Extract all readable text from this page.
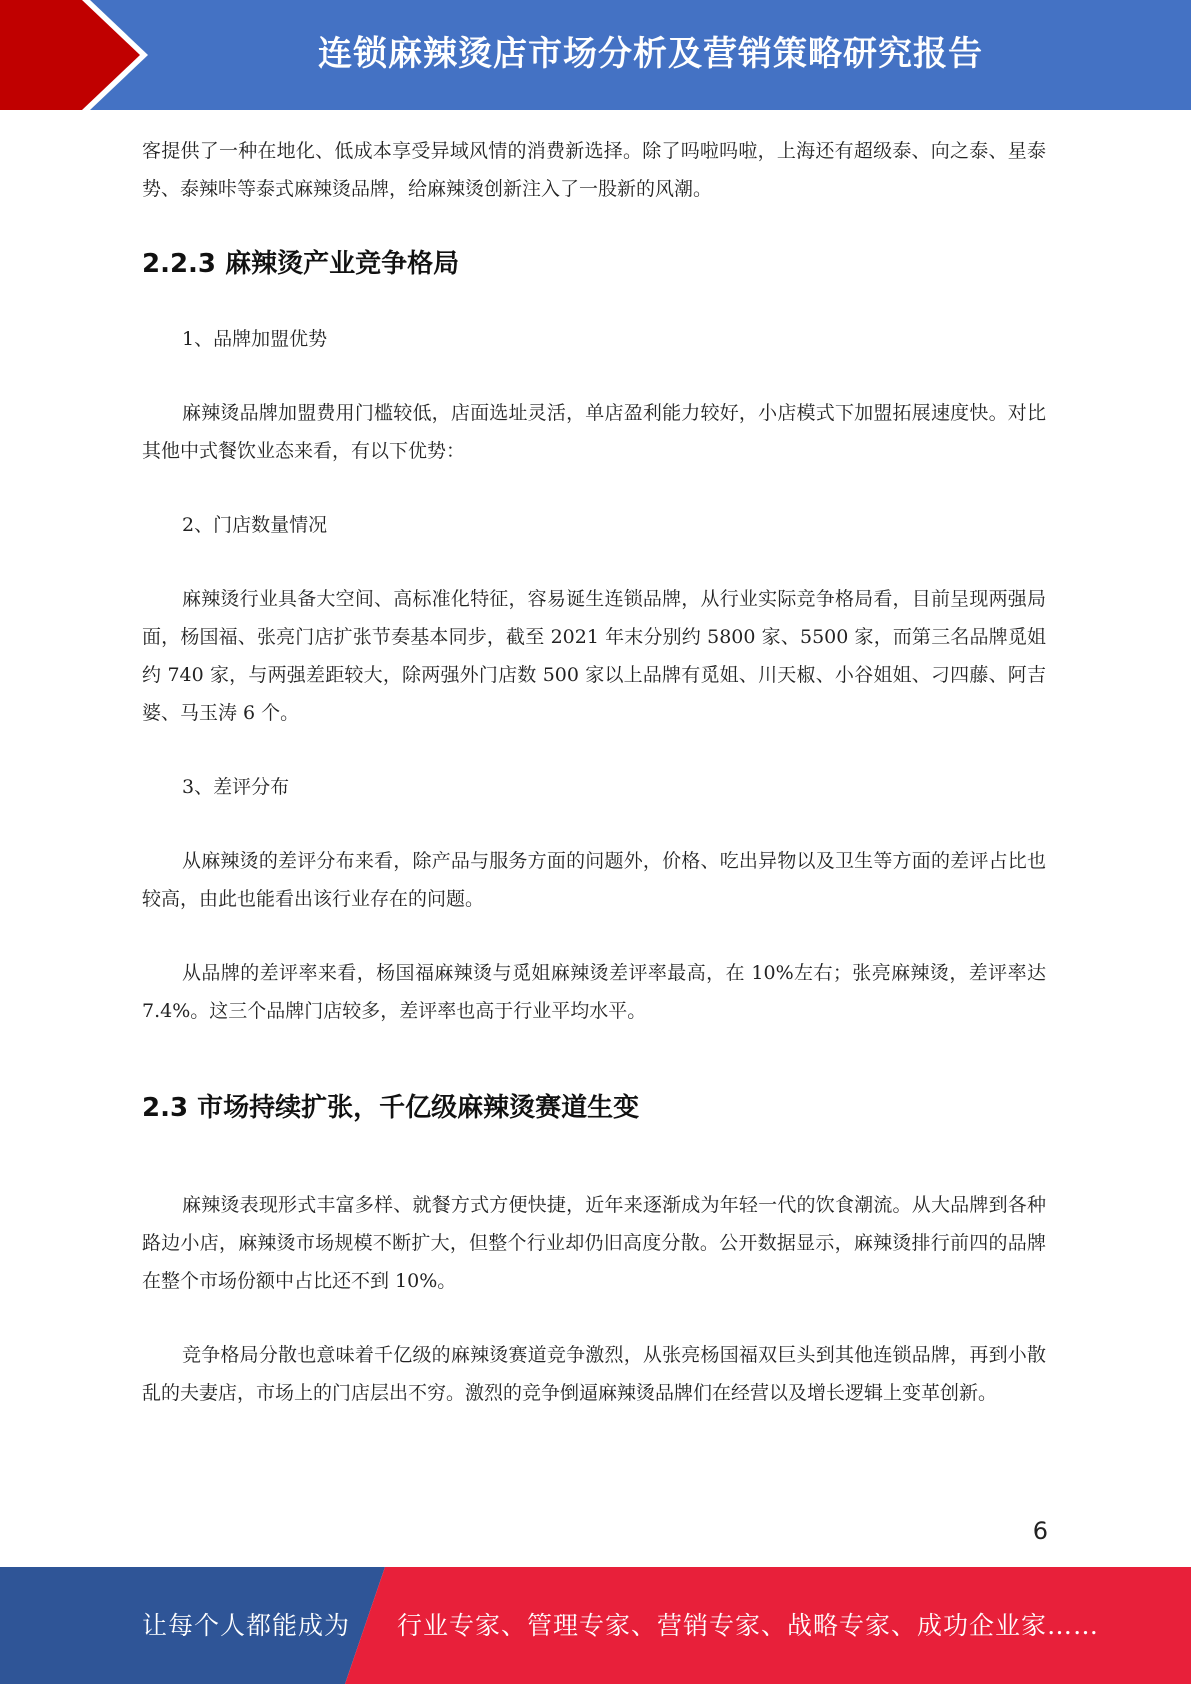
连锁麻辣烫店市场分析及营销策略研究报告

客提供了一种在地化、低成本享受异域风情的消费新选择。除了吗啦吗啦，上海还有超级泰、向之泰、星泰势、泰辣咔等泰式麻辣烫品牌，给麻辣烫创新注入了一股新的风潮。

2.2.3 麻辣烫产业竞争格局

1、品牌加盟优势

麻辣烫品牌加盟费用门槛较低，店面选址灵活，单店盈利能力较好，小店模式下加盟拓展速度快。对比其他中式餐饮业态来看，有以下优势：

2、门店数量情况

麻辣烫行业具备大空间、高标准化特征，容易诞生连锁品牌，从行业实际竞争格局看，目前呈现两强局面，杨国福、张亮门店扩张节奏基本同步，截至 2021 年末分别约 5800 家、5500 家，而第三名品牌觅姐约 740 家，与两强差距较大，除两强外门店数 500 家以上品牌有觅姐、川天椒、小谷姐姐、刁四藤、阿吉婆、马玉涛 6 个。

3、差评分布

从麻辣烫的差评分布来看，除产品与服务方面的问题外，价格、吃出异物以及卫生等方面的差评占比也较高，由此也能看出该行业存在的问题。

从品牌的差评率来看，杨国福麻辣烫与觅姐麻辣烫差评率最高，在 10%左右；张亮麻辣烫，差评率达 7.4%。这三个品牌门店较多，差评率也高于行业平均水平。

2.3 市场持续扩张，千亿级麻辣烫赛道生变

麻辣烫表现形式丰富多样、就餐方式方便快捷，近年来逐渐成为年轻一代的饮食潮流。从大品牌到各种路边小店，麻辣烫市场规模不断扩大，但整个行业却仍旧高度分散。公开数据显示，麻辣烫排行前四的品牌在整个市场份额中占比还不到 10%。

竞争格局分散也意味着千亿级的麻辣烫赛道竞争激烈，从张亮杨国福双巨头到其他连锁品牌，再到小散乱的夫妻店，市场上的门店层出不穷。激烈的竞争倒逼麻辣烫品牌们在经营以及增长逻辑上变革创新。

6
让每个人都能成为 行业专家、管理专家、营销专家、战略专家、成功企业家……
